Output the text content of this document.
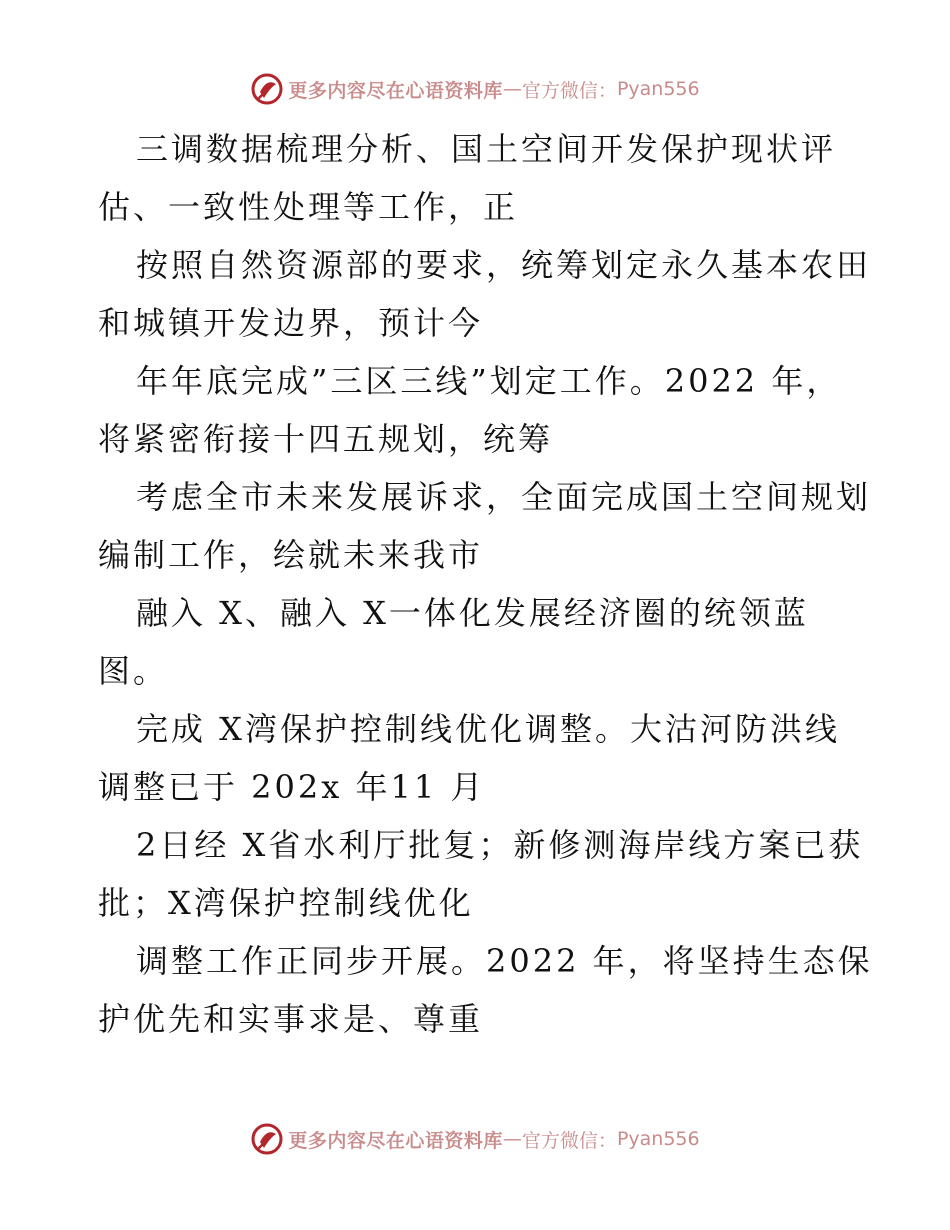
更多内容尽在心语资料库 — 官方微信： Pyan556
三调数据梳理分析、国土空间开发保护现状评
估、一致性处理等工作，正
按照自然资源部的要求，统筹划定永久基本农田
和城镇开发边界，预计今
年年底完成”三区三线”划定工作。2022 年，
将紧密衔接十四五规划，统筹
考虑全市未来发展诉求，全面完成国土空间规划
编制工作，绘就未来我市
融入 X、融入 X一体化发展经济圈的统领蓝
图。
完成 X湾保护控制线优化调整。大沽河防洪线
调整已于 202x 年11 月
2日经 X省水利厅批复；新修测海岸线方案已获
批；X湾保护控制线优化
调整工作正同步开展。2022 年，将坚持生态保
护优先和实事求是、尊重
更多内容尽在心语资料库 — 官方微信： Pyan556
